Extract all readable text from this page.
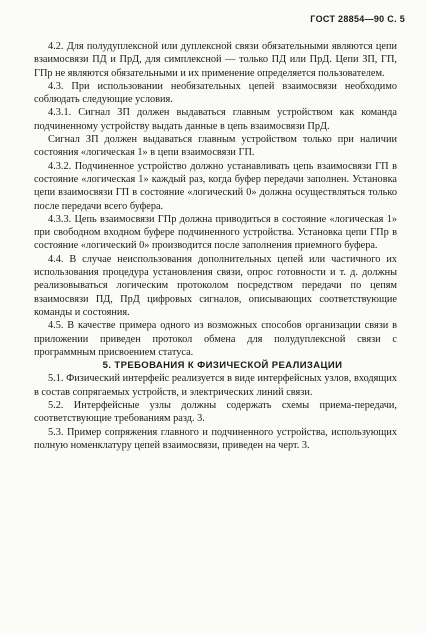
ГОСТ 28854—90 С. 5

4.2. Для полудуплексной или дуплексной связи обязательными являются цепи взаимосвязи ПД и ПрД, для симплексной — только ПД или ПрД. Цепи ЗП, ГП, ГПр не являются обязательными и их применение определяется пользователем.

4.3. При использовании необязательных цепей взаимосвязи необходимо соблюдать следующие условия.

4.3.1. Сигнал ЗП должен выдаваться главным устройством как команда подчиненному устройству выдать данные в цепь взаимосвязи ПрД.

Сигнал ЗП должен выдаваться главным устройством только при наличии состояния «логическая 1» в цепи взаимосвязи ГП.

4.3.2. Подчиненное устройство должно устанавливать цепь взаимосвязи ГП в состояние «логическая 1» каждый раз, когда буфер передачи заполнен. Установка цепи взаимосвязи ГП в состояние «логический 0» должна осуществляться только после передачи всего буфера.

4.3.3. Цепь взаимосвязи ГПр должна приводиться в состояние «логическая 1» при свободном входном буфере подчиненного устройства. Установка цепи ГПр в состояние «логический 0» производится после заполнения приемного буфера.

4.4. В случае неиспользования дополнительных цепей или частичного их использования процедура установления связи, опрос готовности и т. д. должны реализовываться логическим протоколом посредством передачи по цепям взаимосвязи ПД, ПрД цифровых сигналов, описывающих соответствующие команды и состояния.

4.5. В качестве примера одного из возможных способов организации связи в приложении приведен протокол обмена для полудуплексной связи с программным присвоением статуса.

5. ТРЕБОВАНИЯ К ФИЗИЧЕСКОЙ РЕАЛИЗАЦИИ

5.1. Физический интерфейс реализуется в виде интерфейсных узлов, входящих в состав сопрягаемых устройств, и электрических линий связи.

5.2. Интерфейсные узлы должны содержать схемы приема-передачи, соответствующие требованиям разд. 3.

5.3. Пример сопряжения главного и подчиненного устройства, использующих полную номенклатуру цепей взаимосвязи, приведен на черт. 3.
